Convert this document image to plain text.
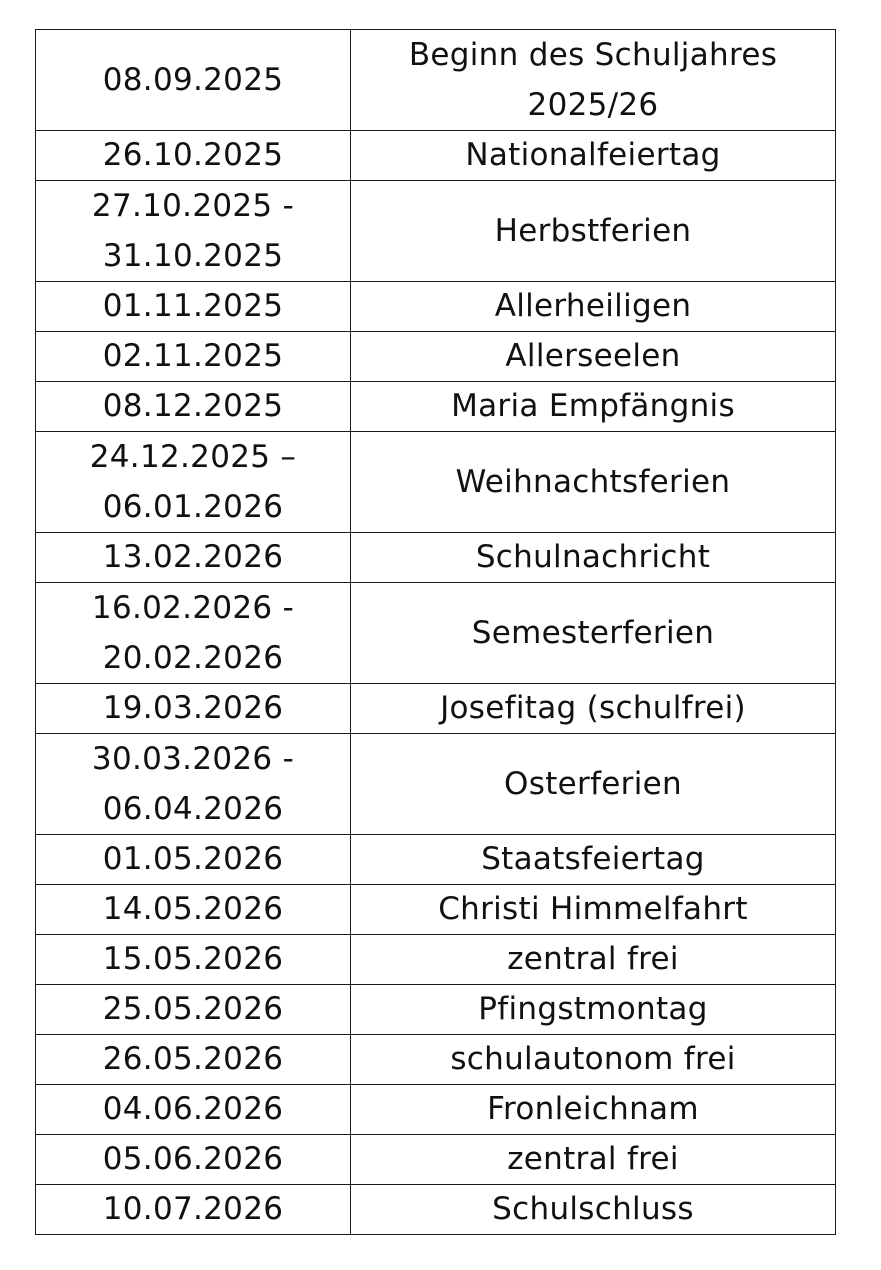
08.09.2025	Beginn des Schuljahres
2025/26
26.10.2025	Nationalfeiertag
27.10.2025 -
31.10.2025	Herbstferien
01.11.2025	Allerheiligen
02.11.2025	Allerseelen
08.12.2025	Maria Empfängnis
24.12.2025 –
06.01.2026	Weihnachtsferien
13.02.2026	Schulnachricht
16.02.2026 -
20.02.2026	Semesterferien
19.03.2026	Josefitag (schulfrei)
30.03.2026 -
06.04.2026	Osterferien
01.05.2026	Staatsfeiertag
14.05.2026	Christi Himmelfahrt
15.05.2026	zentral frei
25.05.2026	Pfingstmontag
26.05.2026	schulautonom frei
04.06.2026	Fronleichnam
05.06.2026	zentral frei
10.07.2026	Schulschluss
